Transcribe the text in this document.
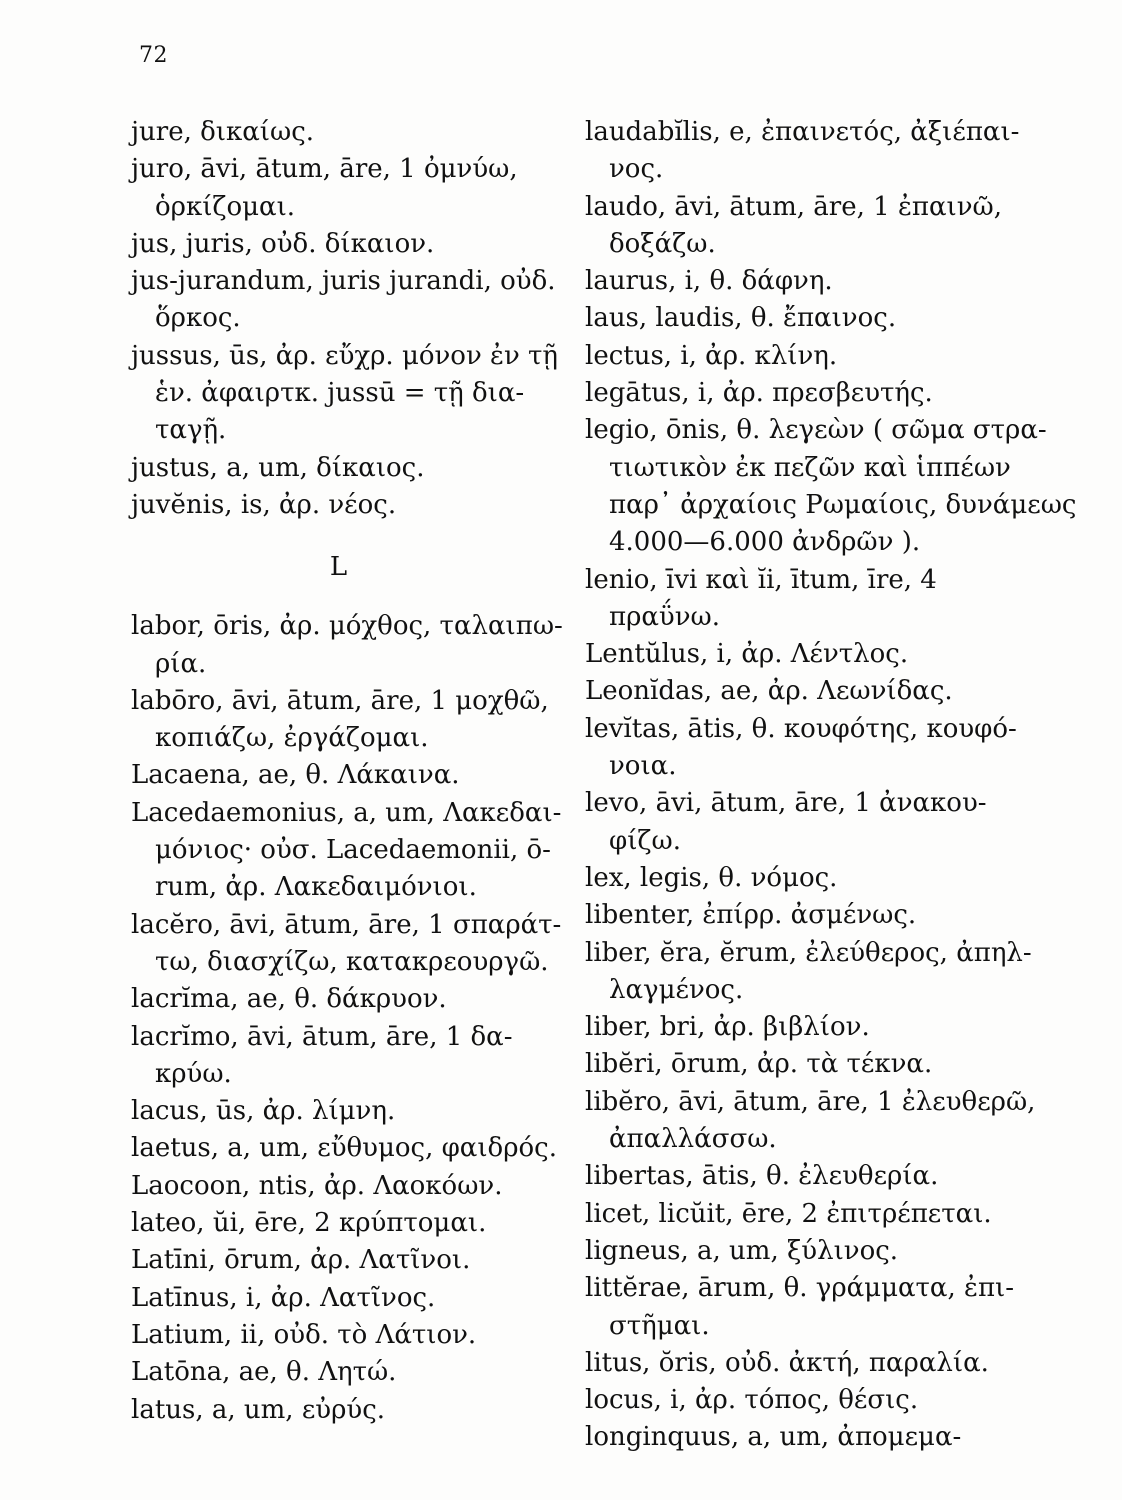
72
jure, δικαίως.
juro, āvi, ātum, āre, 1 ὀμνύω,
ὁρκίζομαι.
jus, juris, οὐδ. δίκαιον.
jus-jurandum, juris jurandi, οὐδ.
ὅρκος.
jussus, ūs, ἀρ. εὔχρ. μόνον ἐν τῇ
ἑν. ἀφαιρτκ. jussū = τῇ δια-
ταγῇ.
justus, a, um, δίκαιος.
juvĕnis, is, ἀρ. νέος.
L
labor, ōris, ἀρ. μόχθος, ταλαιπω-
ρία.
labōro, āvi, ātum, āre, 1 μοχθῶ,
κοπιάζω, ἐργάζομαι.
Lacaena, ae, θ. Λάκαινα.
Lacedaemonius, a, um, Λακεδαι-
μόνιος· οὐσ. Lacedaemonii, ō-
rum, ἀρ. Λακεδαιμόνιοι.
lacĕro, āvi, ātum, āre, 1 σπαράτ-
τω, διασχίζω, κατακρεουργῶ.
lacrĭma, ae, θ. δάκρυον.
lacrĭmo, āvi, ātum, āre, 1 δα-
κρύω.
lacus, ūs, ἀρ. λίμνη.
laetus, a, um, εὔθυμος, φαιδρός.
Laocoon, ntis, ἀρ. Λαοκόων.
lateo, ŭi, ēre, 2 κρύπτομαι.
Latīni, ōrum, ἀρ. Λατῖνοι.
Latīnus, i, ἀρ. Λατῖνος.
Latium, ii, οὐδ. τὸ Λάτιον.
Latōna, ae, θ. Λητώ.
latus, a, um, εὐρύς.
laudabĭlis, e, ἐπαινετός, ἀξιέπαι-
νος.
laudo, āvi, ātum, āre, 1 ἐπαινῶ,
δοξάζω.
laurus, i, θ. δάφνη.
laus, laudis, θ. ἔπαινος.
lectus, i, ἀρ. κλίνη.
legātus, i, ἀρ. πρεσβευτής.
legio, ōnis, θ. λεγεὼν ( σῶμα στρα-
τιωτικὸν ἐκ πεζῶν καὶ ἱππέων
παρ᾽ ἀρχαίοις Ρωμαίοις, δυνάμεως
4.000—6.000 ἀνδρῶν ).
lenio, īvi καὶ ĭi, ītum, īre, 4
πραΰνω.
Lentŭlus, i, ἀρ. Λέντλος.
Leonĭdas, ae, ἀρ. Λεωνίδας.
levĭtas, ātis, θ. κουφότης, κουφό-
νοια.
levo, āvi, ātum, āre, 1 ἀνακου-
φίζω.
lex, legis, θ. νόμος.
libenter, ἐπίρρ. ἀσμένως.
liber, ĕra, ĕrum, ἐλεύθερος, ἀπηλ-
λαγμένος.
liber, bri, ἀρ. βιβλίον.
libĕri, ōrum, ἀρ. τὰ τέκνα.
libĕro, āvi, ātum, āre, 1 ἐλευθερῶ,
ἀπαλλάσσω.
libertas, ātis, θ. ἐλευθερία.
licet, licŭit, ēre, 2 ἐπιτρέπεται.
ligneus, a, um, ξύλινος.
littĕrae, ārum, θ. γράμματα, ἐπι-
στῆμαι.
litus, ŏris, οὐδ. ἀκτή, παραλία.
locus, i, ἀρ. τόπος, θέσις.
longinquus, a, um, ἀπομεμα-
